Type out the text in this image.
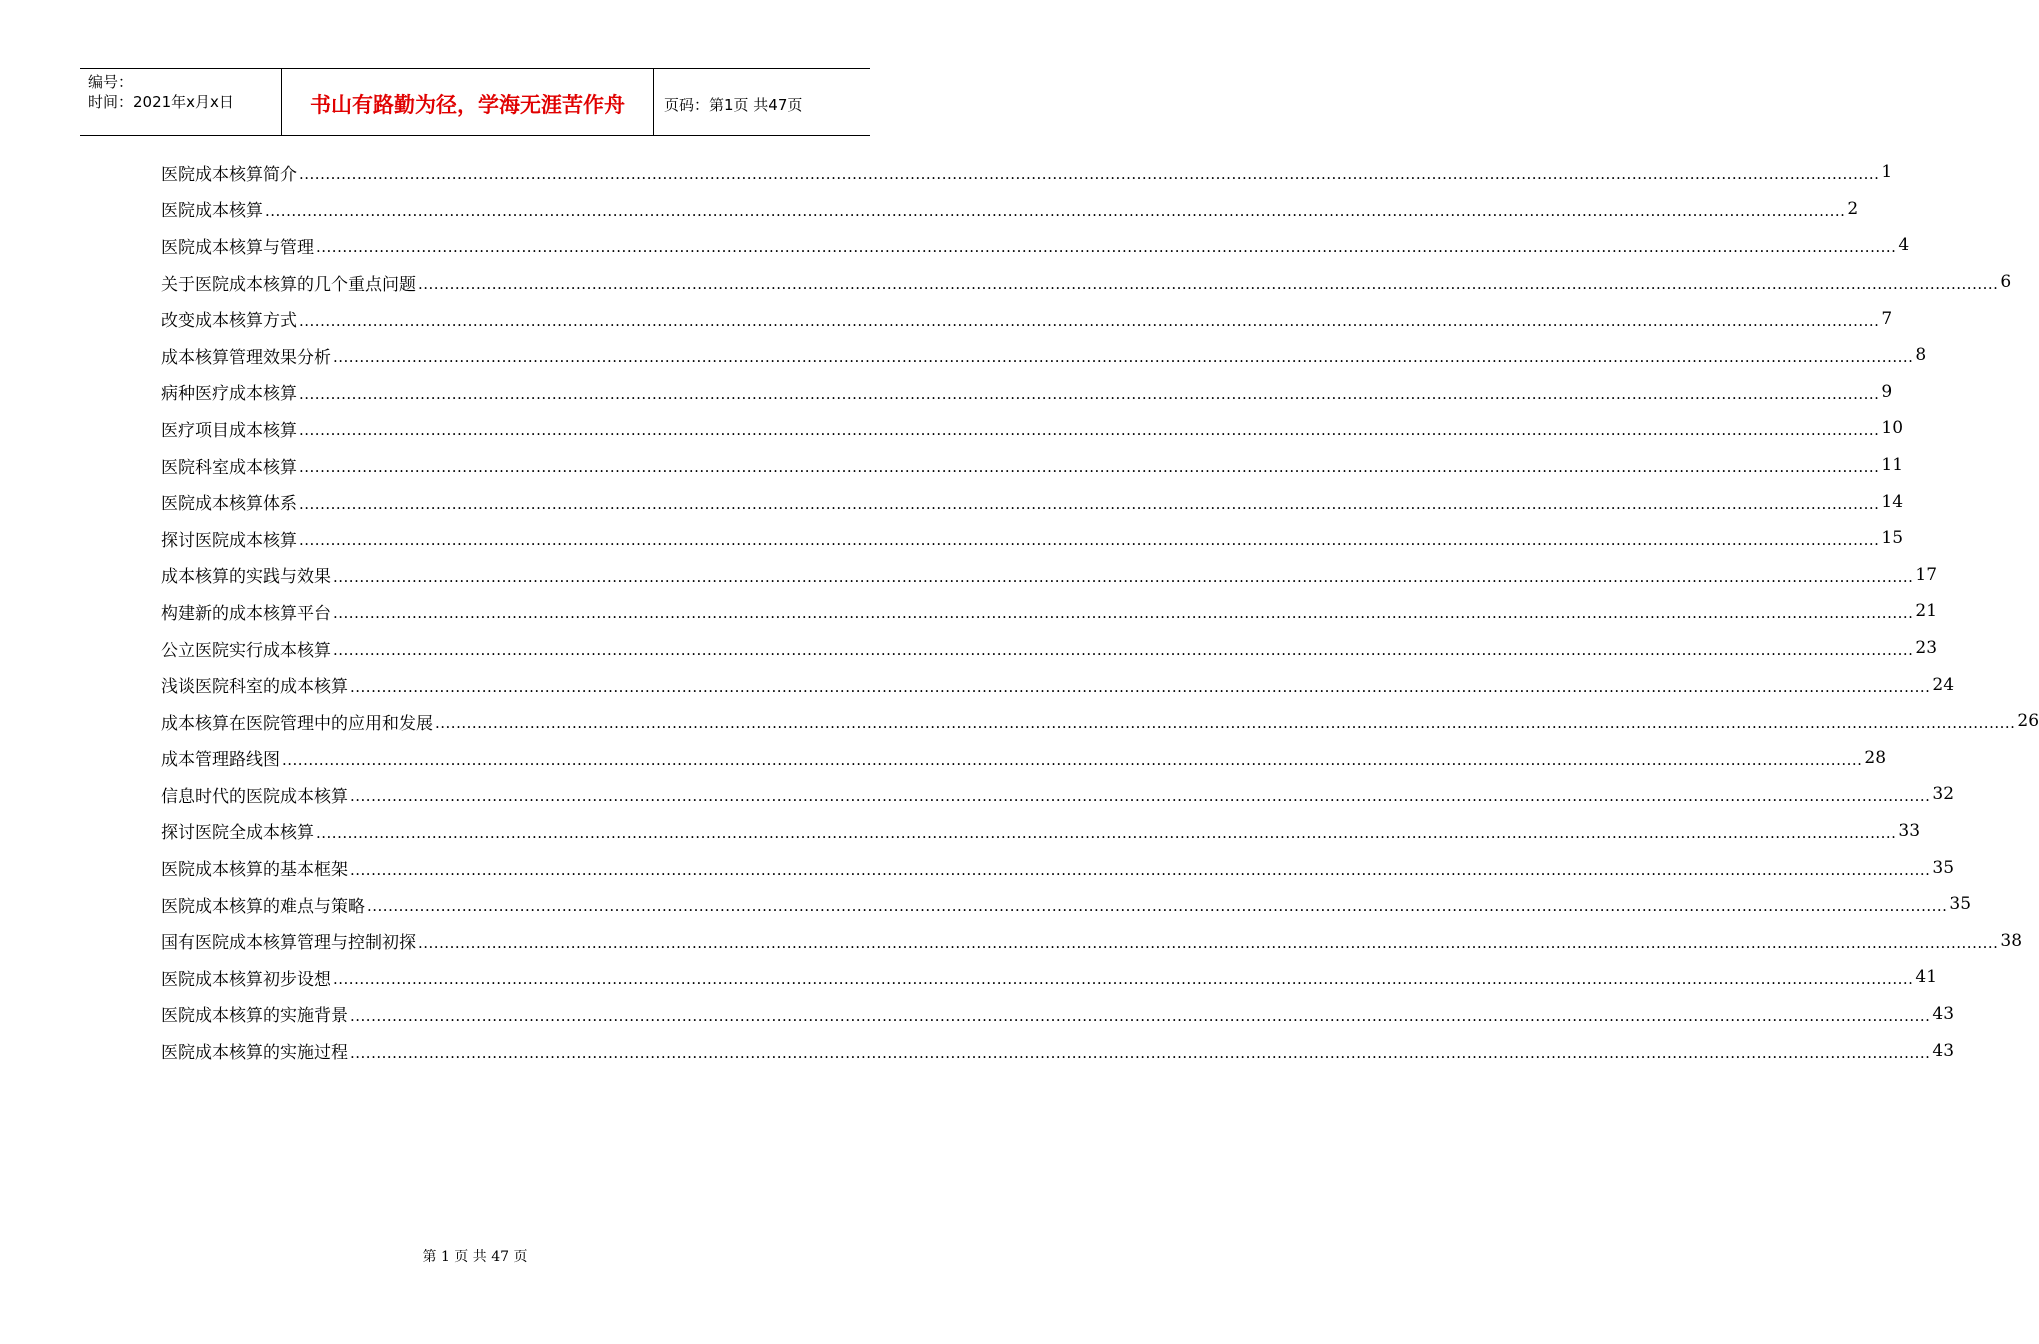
编号：
时间：2021年x月x日	书山有路勤为径，学海无涯苦作舟	页码：第1页 共47页
医院成本核算简介 ............................................................................................................................................................................................................................................................................................................ 1
医院成本核算 ............................................................................................................................................................................................................................................................................................................ 2
医院成本核算与管理 ............................................................................................................................................................................................................................................................................................................ 4
关于医院成本核算的几个重点问题 ............................................................................................................................................................................................................................................................................................................ 6
改变成本核算方式 ............................................................................................................................................................................................................................................................................................................ 7
成本核算管理效果分析 ............................................................................................................................................................................................................................................................................................................ 8
病种医疗成本核算 ............................................................................................................................................................................................................................................................................................................ 9
医疗项目成本核算 ............................................................................................................................................................................................................................................................................................................ 10
医院科室成本核算 ............................................................................................................................................................................................................................................................................................................ 11
医院成本核算体系 ............................................................................................................................................................................................................................................................................................................ 14
探讨医院成本核算 ............................................................................................................................................................................................................................................................................................................ 15
成本核算的实践与效果 ............................................................................................................................................................................................................................................................................................................ 17
构建新的成本核算平台 ............................................................................................................................................................................................................................................................................................................ 21
公立医院实行成本核算 ............................................................................................................................................................................................................................................................................................................ 23
浅谈医院科室的成本核算 ............................................................................................................................................................................................................................................................................................................ 24
成本核算在医院管理中的应用和发展 ............................................................................................................................................................................................................................................................................................................ 26
成本管理路线图 ............................................................................................................................................................................................................................................................................................................ 28
信息时代的医院成本核算 ............................................................................................................................................................................................................................................................................................................ 32
探讨医院全成本核算 ............................................................................................................................................................................................................................................................................................................ 33
医院成本核算的基本框架 ............................................................................................................................................................................................................................................................................................................ 35
医院成本核算的难点与策略 ............................................................................................................................................................................................................................................................................................................ 35
国有医院成本核算管理与控制初探 ............................................................................................................................................................................................................................................................................................................ 38
医院成本核算初步设想 ............................................................................................................................................................................................................................................................................................................ 41
医院成本核算的实施背景 ............................................................................................................................................................................................................................................................................................................ 43
医院成本核算的实施过程 ............................................................................................................................................................................................................................................................................................................ 43
第 1 页 共 47 页
